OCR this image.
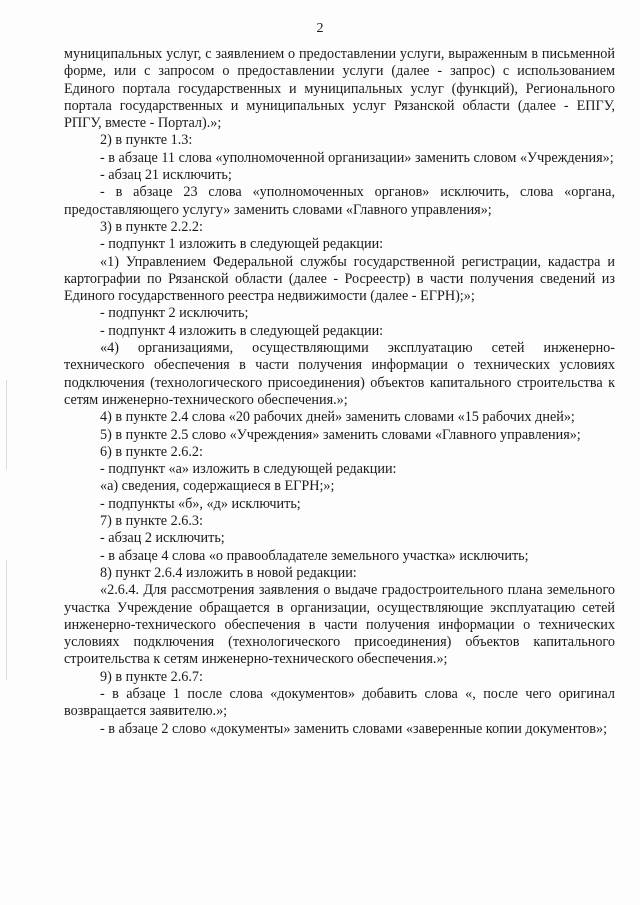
2

муниципальных услуг, с заявлением о предоставлении услуги, выраженным в письменной форме, или с запросом о предоставлении услуги (далее - запрос) с использованием Единого портала государственных и муниципальных услуг (функций), Регионального портала государственных и муниципальных услуг Рязанской области (далее - ЕПГУ, РПГУ, вместе - Портал).»;

2) в пункте 1.3:

- в абзаце 11 слова «уполномоченной организации» заменить словом «Учреждения»;

- абзац 21 исключить;

- в абзаце 23 слова «уполномоченных органов» исключить, слова «органа, предоставляющего услугу» заменить словами «Главного управления»;

3) в пункте 2.2.2:

- подпункт 1 изложить в следующей редакции:

«1) Управлением Федеральной службы государственной регистрации, кадастра и картографии по Рязанской области (далее - Росреестр) в части получения сведений из Единого государственного реестра недвижимости (далее - ЕГРН);»;

- подпункт 2 исключить;

- подпункт 4 изложить в следующей редакции:

«4) организациями, осуществляющими эксплуатацию сетей инженерно-технического обеспечения в части получения информации о технических условиях подключения (технологического присоединения) объектов капитального строительства к сетям инженерно-технического обеспечения.»;

4) в пункте 2.4 слова «20 рабочих дней» заменить словами «15 рабочих дней»;

5) в пункте 2.5 слово «Учреждения» заменить словами «Главного управления»;

6) в пункте 2.6.2:

- подпункт «а» изложить в следующей редакции:

«а) сведения, содержащиеся в ЕГРН;»;

- подпункты «б», «д» исключить;

7) в пункте 2.6.3:

- абзац 2 исключить;

- в абзаце 4 слова «о правообладателе земельного участка» исключить;

8) пункт 2.6.4 изложить в новой редакции:

«2.6.4. Для рассмотрения заявления о выдаче градостроительного плана земельного участка Учреждение обращается в организации, осуществляющие эксплуатацию сетей инженерно-технического обеспечения в части получения информации о технических условиях подключения (технологического присоединения) объектов капитального строительства к сетям инженерно-технического обеспечения.»;

9) в пункте 2.6.7:

- в абзаце 1 после слова «документов» добавить слова «, после чего оригинал возвращается заявителю.»;

- в абзаце 2 слово «документы» заменить словами «заверенные копии документов»;
